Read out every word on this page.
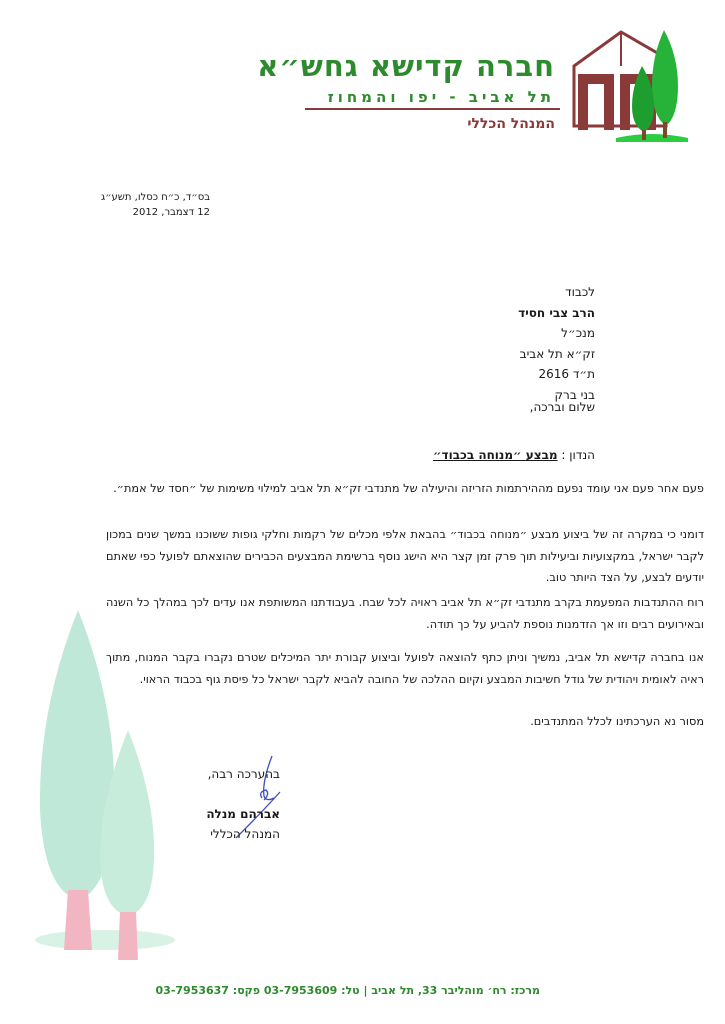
חברה קדישא גחש״א
תל אביב - יפו והמחוז
המנהל הכללי
בס״ד, כ״ח כסלו, תשע״ג
12 דצמבר, 2012
לכבוד
הרב צבי חסיד
מנכ״ל
זק״א תל אביב
ת״ד 2616
בני ברק
שלום וברכה,
הנדון : מבצע ״מנוחה בכבוד״
פעם אחר פעם אני עומד נפעם מההירתמות הזריזה והיעילה של מתנדבי זק״א תל אביב למילוי משימות של ״חסד של אמת״.
דומני כי במקרה זה של ביצוע מבצע ״מנוחה בכבוד״ בהבאת אלפי מכלים של רקמות וחלקי גופות ששוכנו במשך שנים במכון לקבר ישראל, במקצועיות וביעילות תוך פרק זמן קצר היא הישג נוסף ברשימת המבצעים הכבירים שהוצאתם לפועל כפי שאתם יודעים לבצע, על הצד היותר טוב.
רוח ההתנדבות המפעמת בקרב מתנדבי זק״א תל אביב ראויה לכל שבח. בעבודתנו המשותפת אנו עדים לכך במהלך כל השנה ובאירועים רבים וזו אך הזדמנות נוספת להביע על כך תודה.
אנו בחברה קדישא תל אביב, נמשיך וניתן כתף להוצאה לפועל וביצוע קבורת יתר המיכלים שטרם נקברו בקבר המנוח, מתוך ראיה לאומית ויהודית של גודל חשיבות המבצע וקיום ההלכה של החובה להביא לקבר ישראל כל פיסת גוף בכבוד הראוי.
מסור נא הערכתינו לכלל המתנדבים.
בהערכה רבה,
אברהם מנלה
המנהל הכללי
מרכז: רח׳ מוהליבר 33, תל אביב | טל: 03-7953609 פקס: 03-7953637
